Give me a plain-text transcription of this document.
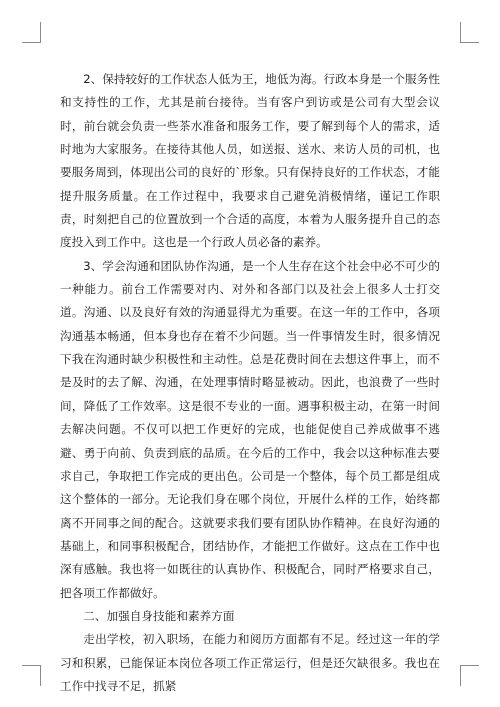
2、保持较好的工作状态人低为王，地低为海。行政本身是一个服务性和支持性的工作，尤其是前台接待。当有客户到访或是公司有大型会议时，前台就会负责一些茶水准备和服务工作，要了解到每个人的需求，适时地为大家服务。在接待其他人员，如送报、送水、来访人员的司机，也要服务周到，体现出公司的良好的`形象。只有保持良好的工作状态，才能提升服务质量。在工作过程中，我要求自己避免消极情绪，谨记工作职责，时刻把自己的位置放到一个合适的高度，本着为人服务提升自己的态度投入到工作中。这也是一个行政人员必备的素养。

3、学会沟通和团队协作沟通，是一个人生存在这个社会中必不可少的一种能力。前台工作需要对内、对外和各部门以及社会上很多人士打交道。沟通、以及良好有效的沟通显得尤为重要。在这一年的工作中，各项沟通基本畅通，但本身也存在着不少问题。当一件事情发生时，很多情况下我在沟通时缺少积极性和主动性。总是花费时间在去想这件事上，而不是及时的去了解、沟通，在处理事情时略显被动。因此，也浪费了一些时间，降低了工作效率。这是很不专业的一面。遇事积极主动，在第一时间去解决问题。不仅可以把工作更好的完成，也能促使自己养成做事不逃避、勇于向前、负责到底的品质。在今后的工作中，我会以这种标准去要求自己，争取把工作完成的更出色。公司是一个整体，每个员工都是组成这个整体的一部分。无论我们身在哪个岗位，开展什么样的工作，始终都离不开同事之间的配合。这就要求我们要有团队协作精神。在良好沟通的基础上，和同事积极配合，团结协作，才能把工作做好。这点在工作中也深有感触。我也将一如既往的认真协作、积极配合，同时严格要求自己，把各项工作都做好。

二、加强自身技能和素养方面

走出学校，初入职场，在能力和阅历方面都有不足。经过这一年的学习和积累，已能保证本岗位各项工作正常运行，但是还欠缺很多。我也在工作中找寻不足，抓紧
